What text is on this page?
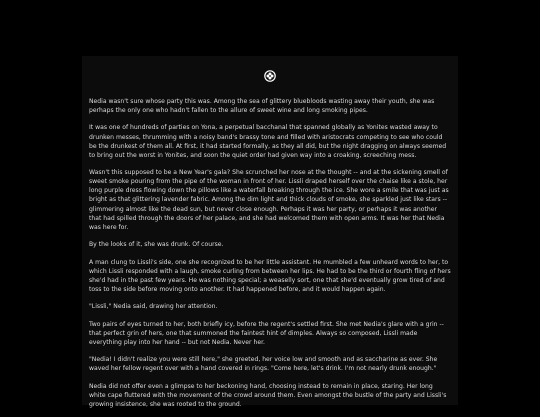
Nedia wasn't sure whose party this was. Among the sea of glittery bluebloods wasting away their youth, she was perhaps the only one who hadn't fallen to the allure of sweet wine and long smoking pipes.

It was one of hundreds of parties on Yona, a perpetual bacchanal that spanned globally as Yonites wasted away to drunken messes, thrumming with a noisy band's brassy tone and filled with aristocrats competing to see who could be the drunkest of them all. At first, it had started formally, as they all did, but the night dragging on always seemed to bring out the worst in Yonites, and soon the quiet order had given way into a croaking, screeching mess.

Wasn't this supposed to be a New Year's gala? She scrunched her nose at the thought -- and at the sickening smell of sweet smoke pouring from the pipe of the woman in front of her. Lissli draped herself over the chaise like a stole, her long purple dress flowing down the pillows like a waterfall breaking through the ice. She wore a smile that was just as bright as that glittering lavender fabric. Among the dim light and thick clouds of smoke, she sparkled just like stars -- glimmering almost like the dead sun, but never close enough. Perhaps it was her party, or perhaps it was another that had spilled through the doors of her palace, and she had welcomed them with open arms. It was her that Nedia was here for.

By the looks of it, she was drunk. Of course.

A man clung to Lissli's side, one she recognized to be her little assistant. He mumbled a few unheard words to her, to which Lissli responded with a laugh, smoke curling from between her lips. He had to be the third or fourth fling of hers she'd had in the past few years. He was nothing special; a weaselly sort, one that she'd eventually grow tired of and toss to the side before moving onto another. It had happened before, and it would happen again.

"Lissli," Nedia said, drawing her attention.

Two pairs of eyes turned to her, both briefly icy, before the regent's settled first. She met Nedia's glare with a grin -- that perfect grin of hers, one that summoned the faintest hint of dimples. Always so composed, Lissli made everything play into her hand -- but not Nedia. Never her.

"Nedia! I didn't realize you were still here," she greeted, her voice low and smooth and as saccharine as ever. She waved her fellow regent over with a hand covered in rings. "Come here, let's drink. I'm not nearly drunk enough."

Nedia did not offer even a glimpse to her beckoning hand, choosing instead to remain in place, staring. Her long white cape fluttered with the movement of the crowd around them. Even amongst the bustle of the party and Lissli's growing insistence, she was rooted to the ground.
